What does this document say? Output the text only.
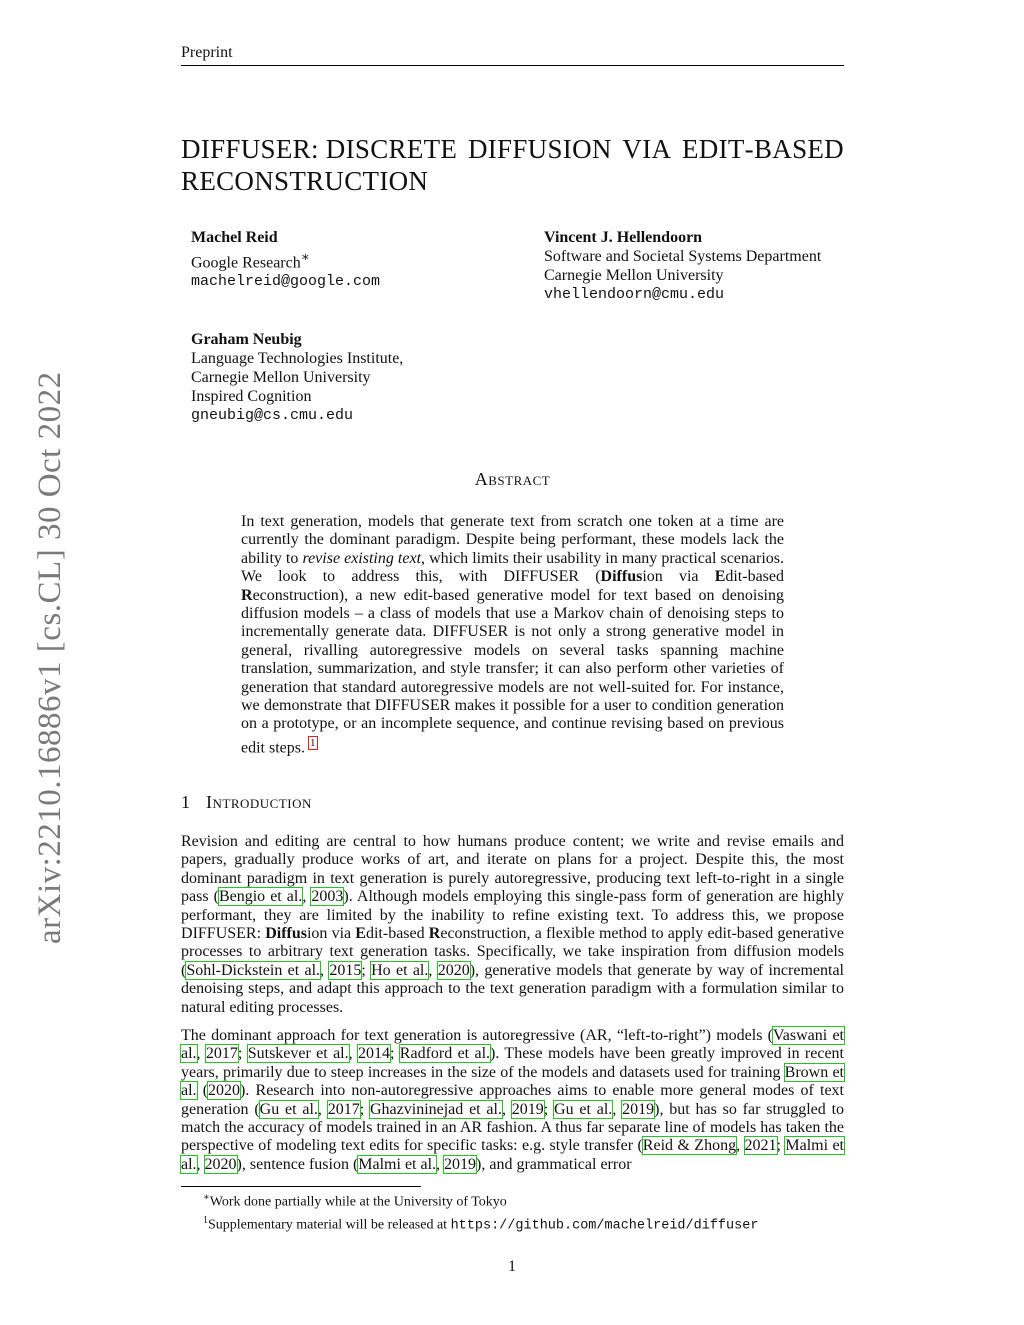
Preprint
DIFFUSER: DISCRETE DIFFUSION VIA EDIT-BASED
RECONSTRUCTION
Machel Reid
Google Research∗
machelreid@google.com
Vincent J. Hellendoorn
Software and Societal Systems Department
Carnegie Mellon University
vhellendoorn@cmu.edu
Graham Neubig
Language Technologies Institute,
Carnegie Mellon University
Inspired Cognition
gneubig@cs.cmu.edu
arXiv:2210.16886v1 [cs.CL] 30 Oct 2022	Abstract
In text generation, models that generate text from scratch one token at a time are currently the dominant paradigm. Despite being performant, these models lack the ability to revise existing text, which limits their usability in many practical scenarios. We look to address this, with DIFFUSER (Diffusion via Edit-based Reconstruction), a new edit-based generative model for text based on denoising diffusion models – a class of models that use a Markov chain of denoising steps to incrementally generate data. DIFFUSER is not only a strong generative model in general, rivalling autoregressive models on several tasks spanning machine translation, summarization, and style transfer; it can also perform other varieties of generation that standard autoregressive models are not well-suited for. For instance, we demonstrate that DIFFUSER makes it possible for a user to condition generation on a prototype, or an incomplete sequence, and continue revising based on previous edit steps. $^1$
1 Introduction
Revision and editing are central to how humans produce content; we write and revise emails and papers, gradually produce works of art, and iterate on plans for a project. Despite this, the most dominant paradigm in text generation is purely autoregressive, producing text left-to-right in a single pass (Bengio et al., 2003). Although models employing this single-pass form of generation are highly performant, they are limited by the inability to refine existing text. To address this, we propose DIFFUSER: Diffusion via Edit-based Reconstruction, a flexible method to apply edit-based generative processes to arbitrary text generation tasks. Specifically, we take inspiration from diffusion models (Sohl-Dickstein et al., 2015; Ho et al., 2020), generative models that generate by way of incremental denoising steps, and adapt this approach to the text generation paradigm with a formulation similar to natural editing processes.
The dominant approach for text generation is autoregressive (AR, “left-to-right”) models (Vaswani et al., 2017; Sutskever et al., 2014; Radford et al.). These models have been greatly improved in recent years, primarily due to steep increases in the size of the models and datasets used for training Brown et al. (2020). Research into non-autoregressive approaches aims to enable more general modes of text generation (Gu et al., 2017; Ghazvininejad et al., 2019; Gu et al., 2019), but has so far struggled to match the accuracy of models trained in an AR fashion. A thus far separate line of models has taken the perspective of modeling text edits for specific tasks: e.g. style transfer (Reid & Zhong, 2021; Malmi et al., 2020), sentence fusion (Malmi et al., 2019), and grammatical error
∗Work done partially while at the University of Tokyo
$^1$Supplementary material will be released at https://github.com/machelreid/diffuser
1
